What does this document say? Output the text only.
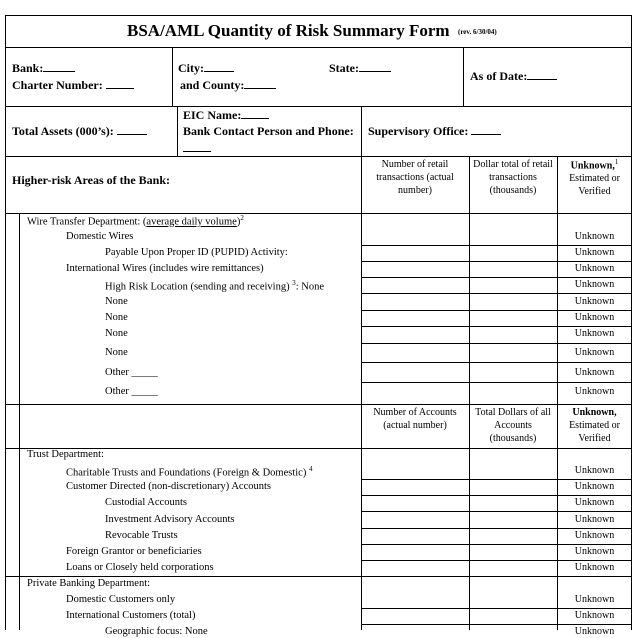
BSA/AML Quantity of Risk Summary Form (rev. 6/30/04)
Bank:
Charter Number:
City:
and County:
State:
As of Date:
Total Assets (000’s):
EIC Name:
Bank Contact Person and Phone: Supervisory Office:
Higher-risk Areas of the Bank:
Number of retail transactions (actual number)
Dollar total of retail transactions (thousands)
Unknown,$^1$
Estimated or Verified
Wire Transfer Department: (average daily volume)$^2$
Domestic Wires	Unknown
Payable Upon Proper ID (PUPID) Activity:	Unknown
International Wires (includes wire remittances)	Unknown
High Risk Location (sending and receiving) $^3$: None	Unknown
None	Unknown
None	Unknown
None	Unknown
None	Unknown
Other _____	Unknown
Other _____	Unknown
Number of Accounts (actual number)
Total Dollars of all Accounts (thousands)
Unknown,
Estimated or Verified
Trust Department:
Charitable Trusts and Foundations (Foreign & Domestic) $^4$	Unknown
Customer Directed (non-discretionary) Accounts	Unknown
Custodial Accounts	Unknown
Investment Advisory Accounts	Unknown
Revocable Trusts	Unknown
Foreign Grantor or beneficiaries	Unknown
Loans or Closely held corporations	Unknown
Private Banking Department:
Domestic Customers only	Unknown
International Customers (total)	Unknown
Geographic focus: None	Unknown
